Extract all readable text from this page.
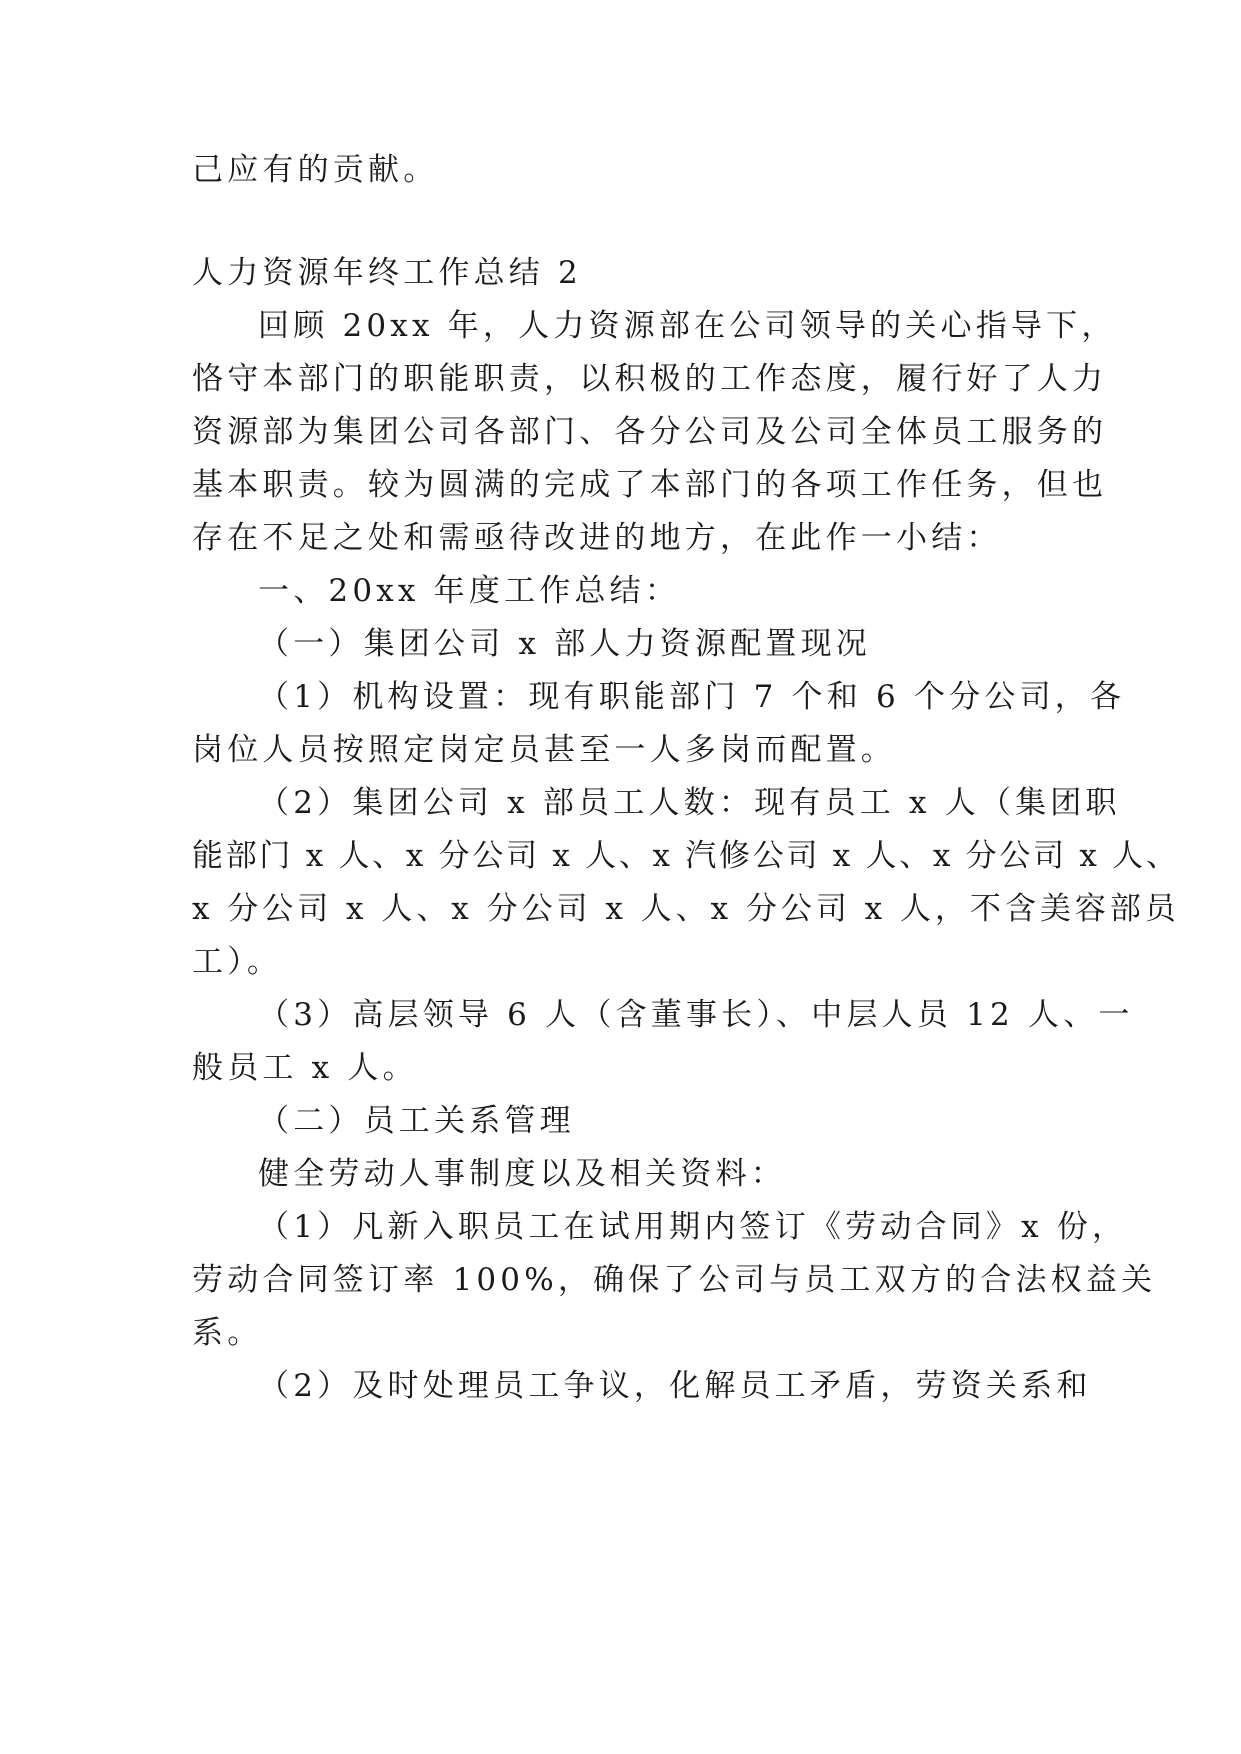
己应有的贡献。
人力资源年终工作总结 2
回顾 20xx 年，人力资源部在公司领导的关心指导下，
恪守本部门的职能职责，以积极的工作态度，履行好了人力
资源部为集团公司各部门、各分公司及公司全体员工服务的
基本职责。较为圆满的完成了本部门的各项工作任务，但也
存在不足之处和需亟待改进的地方，在此作一小结：
一、20xx 年度工作总结：
（一）集团公司 x 部人力资源配置现况
（1）机构设置：现有职能部门 7 个和 6 个分公司，各
岗位人员按照定岗定员甚至一人多岗而配置。
（2）集团公司 x 部员工人数：现有员工 x 人（集团职
能部门 x 人、x 分公司 x 人、x 汽修公司 x 人、x 分公司 x 人、
x 分公司 x 人、x 分公司 x 人、x 分公司 x 人，不含美容部员
工）。
（3）高层领导 6 人（含董事长）、中层人员 12 人、一
般员工 x 人。
（二）员工关系管理
健全劳动人事制度以及相关资料：
（1）凡新入职员工在试用期内签订《劳动合同》x 份，
劳动合同签订率 100%，确保了公司与员工双方的合法权益关
系。
（2）及时处理员工争议，化解员工矛盾，劳资关系和
